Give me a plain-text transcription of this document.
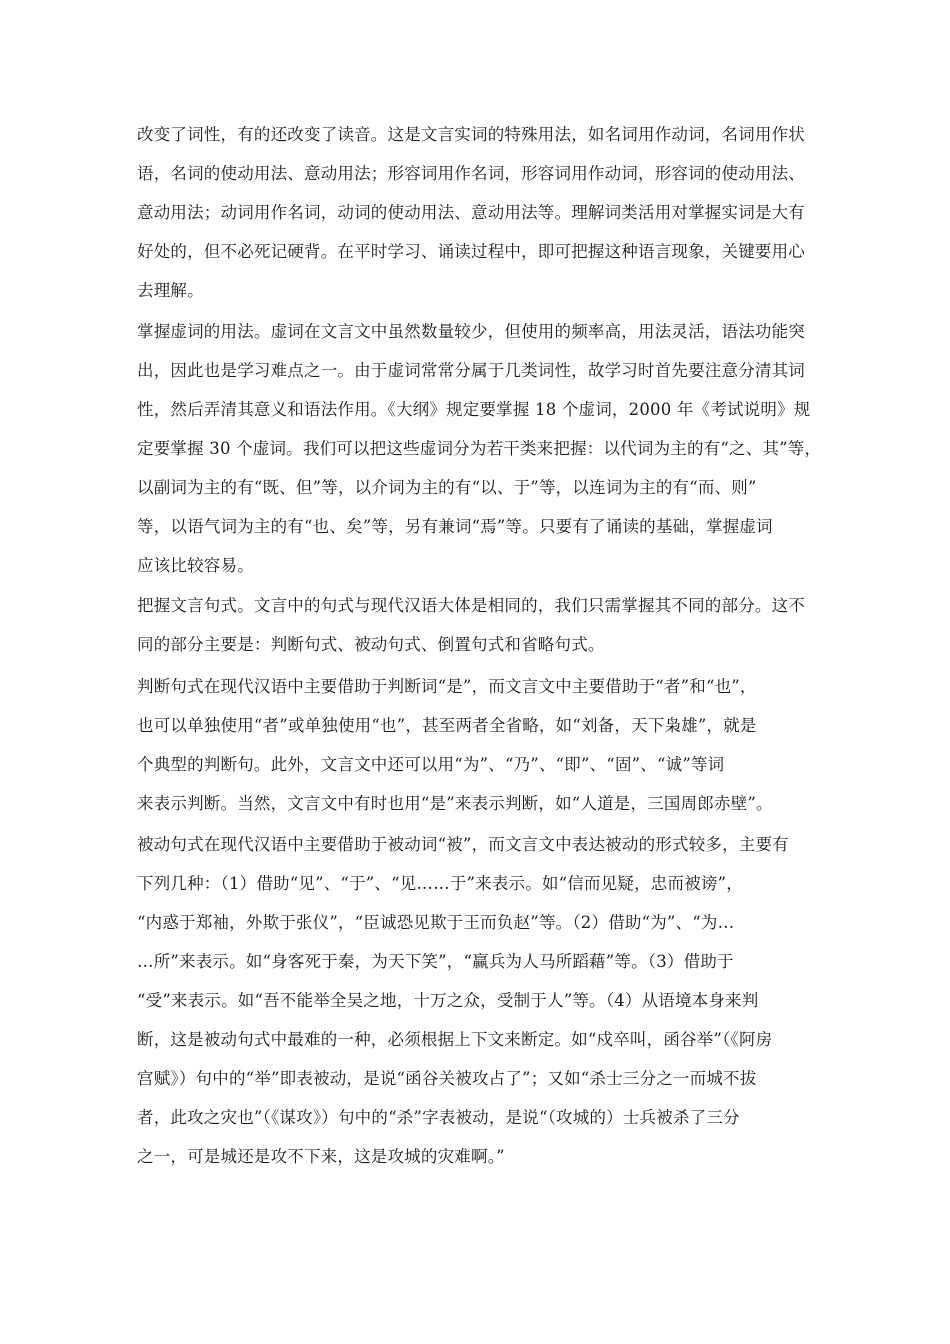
改变了词性，有的还改变了读音。这是文言实词的特殊用法，如名词用作动词，名词用作状
语，名词的使动用法、意动用法；形容词用作名词，形容词用作动词，形容词的使动用法、
意动用法；动词用作名词，动词的使动用法、意动用法等。理解词类活用对掌握实词是大有
好处的，但不必死记硬背。在平时学习、诵读过程中，即可把握这种语言现象，关键要用心
去理解。
掌握虚词的用法。虚词在文言文中虽然数量较少，但使用的频率高，用法灵活，语法功能突
出，因此也是学习难点之一。由于虚词常常分属于几类词性，故学习时首先要注意分清其词
性，然后弄清其意义和语法作用。《大纲》规定要掌握 18 个虚词，2000 年《考试说明》规
定要掌握 30 个虚词。我们可以把这些虚词分为若干类来把握：以代词为主的有“之、其”等，
以副词为主的有“既、但”等，以介词为主的有“以、于”等，以连词为主的有“而、则”
等，以语气词为主的有“也、矣”等，另有兼词“焉”等。只要有了诵读的基础，掌握虚词
应该比较容易。
把握文言句式。文言中的句式与现代汉语大体是相同的，我们只需掌握其不同的部分。这不
同的部分主要是：判断句式、被动句式、倒置句式和省略句式。
判断句式在现代汉语中主要借助于判断词“是”，而文言文中主要借助于“者”和“也”，
也可以单独使用“者”或单独使用“也”，甚至两者全省略，如“刘备，天下枭雄”，就是
个典型的判断句。此外，文言文中还可以用“为”、“乃”、“即”、“固”、“诚”等词
来表示判断。当然，文言文中有时也用“是”来表示判断，如“人道是，三国周郎赤壁”。
被动句式在现代汉语中主要借助于被动词“被”，而文言文中表达被动的形式较多，主要有
下列几种：（1）借助“见”、“于”、“见……于”来表示。如“信而见疑，忠而被谤”，
“内惑于郑袖，外欺于张仪”，“臣诚恐见欺于王而负赵”等。（2）借助“为”、“为…
…所”来表示。如“身客死于秦，为天下笑”，“赢兵为人马所蹈藉”等。（3）借助于
“受”来表示。如“吾不能举全吴之地，十万之众，受制于人”等。（4）从语境本身来判
断，这是被动句式中最难的一种，必须根据上下文来断定。如“戍卒叫，函谷举”（《阿房
宫赋》）句中的“举”即表被动，是说“函谷关被攻占了”；又如“杀士三分之一而城不拔
者，此攻之灾也”（《谋攻》）句中的“杀”字表被动，是说“（攻城的）士兵被杀了三分
之一，可是城还是攻不下来，这是攻城的灾难啊。”
